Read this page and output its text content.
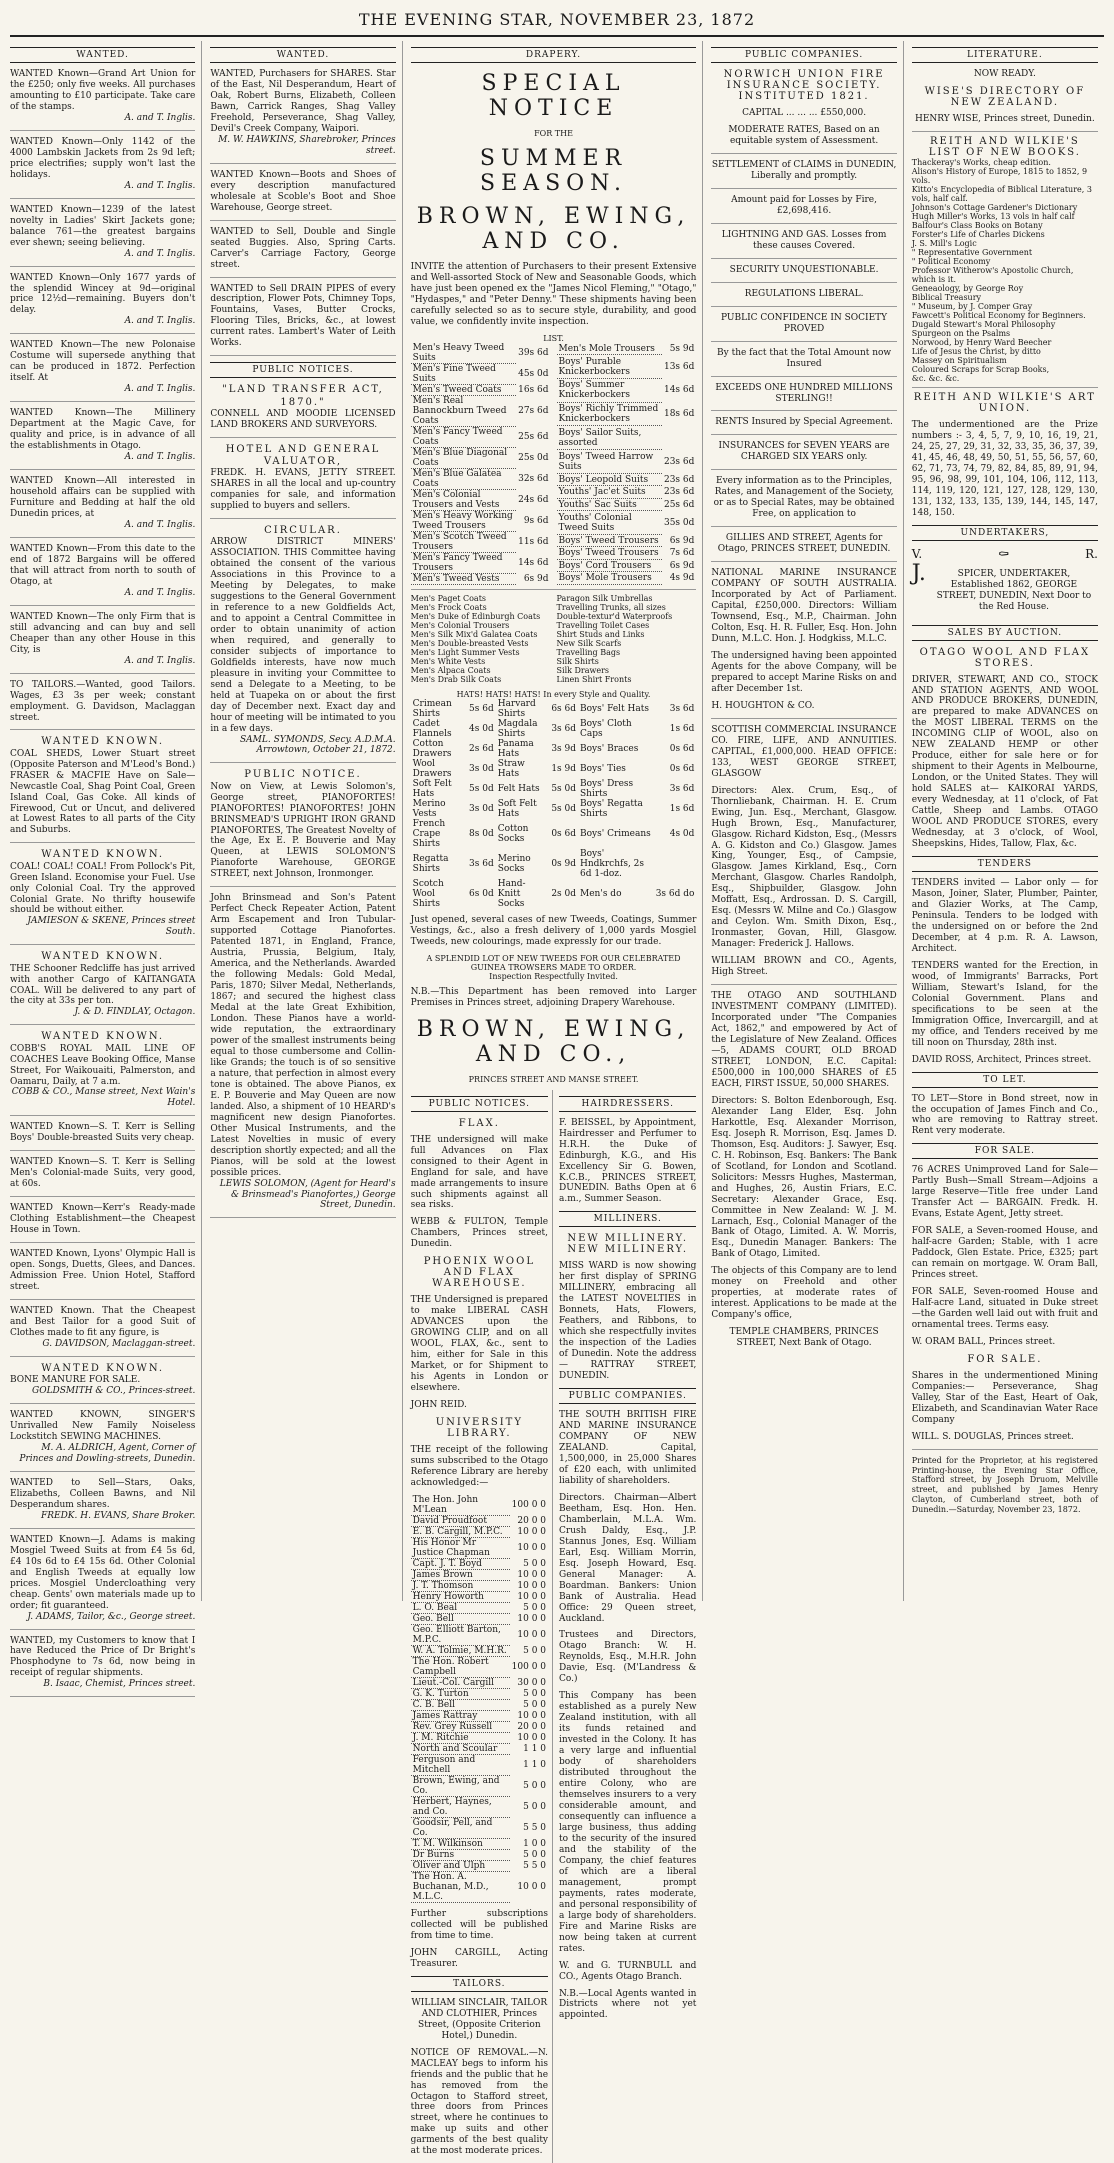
THE EVENING STAR, NOVEMBER 23, 1872
WANTED.
WANTED Known—Grand Art Union for the £250; only five weeks. All purchases amounting to £10 participate. Take care of the stamps.
A. and T. Inglis.
WANTED Known—Only 1142 of the 4000 Lambskin Jackets from 2s 9d left; price electrifies; supply won't last the holidays.
A. and T. Inglis.
WANTED Known—1239 of the latest novelty in Ladies' Skirt Jackets gone; balance 761—the greatest bargains ever shewn; seeing believing.
A. and T. Inglis.
WANTED Known—Only 1677 yards of the splendid Wincey at 9d—original price 12½d—remaining. Buyers don't delay.
A. and T. Inglis.
WANTED Known—The new Polonaise Costume will supersede anything that can be produced in 1872. Perfection itself. At
A. and T. Inglis.
WANTED Known—The Millinery Department at the Magic Cave, for quality and price, is in advance of all the establishments in Otago.
A. and T. Inglis.
WANTED Known—All interested in household affairs can be supplied with Furniture and Bedding at half the old Dunedin prices, at
A. and T. Inglis.
WANTED Known—From this date to the end of 1872 Bargains will be offered that will attract from north to south of Otago, at
A. and T. Inglis.
WANTED Known—The only Firm that is still advancing and can buy and sell Cheaper than any other House in this City, is
A. and T. Inglis.
TO TAILORS.—Wanted, good Tailors. Wages, £3 3s per week; constant employment. G. Davidson, Maclaggan street.
WANTED KNOWN.
COAL SHEDS, Lower Stuart street (Opposite Paterson and M'Leod's Bond.) FRASER & MACFIE Have on Sale— Newcastle Coal, Shag Point Coal, Green Island Coal, Gas Coke. All kinds of Firewood, Cut or Uncut, and delivered at Lowest Rates to all parts of the City and Suburbs.
WANTED KNOWN.
COAL! COAL! COAL! From Pollock's Pit, Green Island. Economise your Fuel. Use only Colonial Coal. Try the approved Colonial Grate. No thrifty housewife should be without either.
JAMIESON & SKENE, Princes street South.
WANTED KNOWN.
THE Schooner Redcliffe has just arrived with another Cargo of KAITANGATA COAL. Will be delivered to any part of the city at 33s per ton.
J. & D. FINDLAY, Octagon.
WANTED KNOWN.
COBB'S ROYAL MAIL LINE OF COACHES Leave Booking Office, Manse Street, For Waikouaiti, Palmerston, and Oamaru, Daily, at 7 a.m.
COBB & CO., Manse street, Next Wain's Hotel.
WANTED Known—S. T. Kerr is Selling Boys' Double-breasted Suits very cheap.
WANTED Known—S. T. Kerr is Selling Men's Colonial-made Suits, very good, at 60s.
WANTED Known—Kerr's Ready-made Clothing Establishment—the Cheapest House in Town.
WANTED Known, Lyons' Olympic Hall is open. Songs, Duetts, Glees, and Dances. Admission Free. Union Hotel, Stafford street.
WANTED Known. That the Cheapest and Best Tailor for a good Suit of Clothes made to fit any figure, is
G. DAVIDSON, Maclaggan-street.
WANTED KNOWN.
BONE MANURE FOR SALE.
GOLDSMITH & CO., Princes-street.
WANTED KNOWN, SINGER'S Unrivalled New Family Noiseless Lockstitch SEWING MACHINES.
M. A. ALDRICH, Agent, Corner of Princes and Dowling-streets, Dunedin.
WANTED to Sell—Stars, Oaks, Elizabeths, Colleen Bawns, and Nil Desperandum shares.
FREDK. H. EVANS, Share Broker.
WANTED Known—J. Adams is making Mosgiel Tweed Suits at from £4 5s 6d, £4 10s 6d to £4 15s 6d. Other Colonial and English Tweeds at equally low prices. Mosgiel Undercloathing very cheap. Gents' own materials made up to order; fit guaranteed.
J. ADAMS, Tailor, &c., George street.
WANTED, my Customers to know that I have Reduced the Price of Dr Bright's Phosphodyne to 7s 6d, now being in receipt of regular shipments.
B. Isaac, Chemist, Princes street.
WANTED.
WANTED, Purchasers for SHARES. Star of the East, Nil Desperandum, Heart of Oak, Robert Burns, Elizabeth, Colleen Bawn, Carrick Ranges, Shag Valley Freehold, Perseverance, Shag Valley, Devil's Creek Company, Waipori.
M. W. HAWKINS, Sharebroker, Princes street.
WANTED Known—Boots and Shoes of every description manufactured wholesale at Scoble's Boot and Shoe Warehouse, George street.
WANTED to Sell, Double and Single seated Buggies. Also, Spring Carts. Carver's Carriage Factory, George street.
WANTED to Sell DRAIN PIPES of every description, Flower Pots, Chimney Tops, Fountains, Vases, Butter Crocks, Flooring Tiles, Bricks, &c., at lowest current rates. Lambert's Water of Leith Works.
PUBLIC NOTICES.
"LAND TRANSFER ACT, 1870."
CONNELL AND MOODIE LICENSED LAND BROKERS AND SURVEYORS.
HOTEL AND GENERAL VALUATOR,
FREDK. H. EVANS, JETTY STREET. SHARES in all the local and up-country companies for sale, and information supplied to buyers and sellers.
CIRCULAR.
ARROW DISTRICT MINERS' ASSOCIATION. THIS Committee having obtained the consent of the various Associations in this Province to a Meeting by Delegates, to make suggestions to the General Government in reference to a new Goldfields Act, and to appoint a Central Committee in order to obtain unanimity of action when required, and generally to consider subjects of importance to Goldfields interests, have now much pleasure in inviting your Committee to send a Delegate to a Meeting, to be held at Tuapeka on or about the first day of December next. Exact day and hour of meeting will be intimated to you in a few days.
SAML. SYMONDS, Secy. A.D.M.A. Arrowtown, October 21, 1872.
PUBLIC NOTICE.
Now on View, at Lewis Solomon's, George street, PIANOFORTES! PIANOFORTES! PIANOFORTES! JOHN BRINSMEAD'S UPRIGHT IRON GRAND PIANOFORTES, The Greatest Novelty of the Age, Ex E. P. Bouverie and May Queen, at LEWIS SOLOMON'S Pianoforte Warehouse, GEORGE STREET, next Johnson, Ironmonger.
John Brinsmead and Son's Patent Perfect Check Repeater Action, Patent Arm Escapement and Iron Tubular-supported Cottage Pianofortes. Patented 1871, in England, France, Austria, Prussia, Belgium, Italy, America, and the Netherlands. Awarded the following Medals: Gold Medal, Paris, 1870; Silver Medal, Netherlands, 1867; and secured the highest class Medal at the late Great Exhibition, London. These Pianos have a world-wide reputation, the extraordinary power of the smallest instruments being equal to those cumbersome and Collin-like Grands; the touch is of so sensitive a nature, that perfection in almost every tone is obtained. The above Pianos, ex E. P. Bouverie and May Queen are now landed. Also, a shipment of 10 HEARD's magnificent new design Pianofortes. Other Musical Instruments, and the Latest Novelties in music of every description shortly expected; and all the Pianos, will be sold at the lowest possible prices.
LEWIS SOLOMON, (Agent for Heard's & Brinsmead's Pianofortes,) George Street, Dunedin.
DRAPERY.
SPECIAL NOTICE
FOR THE
SUMMER SEASON.
BROWN, EWING, AND CO.
INVITE the attention of Purchasers to their present Extensive and Well-assorted Stock of New and Seasonable Goods, which have just been opened ex the "James Nicol Fleming," "Otago," "Hydaspes," and "Peter Denny." These shipments having been carefully selected so as to secure style, durability, and good value, we confidently invite inspection.
LIST.
Men's Heavy Tweed Suits	39s 6d
Men's Fine Tweed Suits	45s 0d
Men's Tweed Coats	16s 6d
Men's Real Bannockburn Tweed Coats	27s 6d
Men's Fancy Tweed Coats	25s 6d
Men's Blue Diagonal Coats	25s 0d
Men's Blue Galatea Coats	32s 6d
Men's Colonial Trousers and Vests	24s 6d
Men's Heavy Working Tweed Trousers	9s 6d
Men's Scotch Tweed Trousers	11s 6d
Men's Fancy Tweed Trousers	14s 6d
Men's Tweed Vests	6s 9d
Men's Mole Trousers	5s 9d
Boys' Purable Knickerbockers	13s 6d
Boys' Summer Knickerbockers	14s 6d
Boys' Richly Trimmed Knickerbockers	18s 6d
Boys' Sailor Suits, assorted	
Boys' Tweed Harrow Suits	23s 6d
Boys' Leopold Suits	23s 6d
Youths' Jac'et Suits	23s 6d
Youths' Sac Suits	25s 6d
Youths' Colonial Tweed Suits	35s 0d
Boys' Tweed Trousers	6s 9d
Boys' Tweed Trousers	7s 6d
Boys' Cord Trousers	6s 9d
Boys' Mole Trousers	4s 9d
Men's Paget Coats
Men's Frock Coats
Men's Duke of Edinburgh Coats
Men's Colonial Trousers
Men's Silk Mix'd Galatea Coats
Men's Double-breasted Vests
Men's Light Summer Vests
Men's White Vests
Men's Alpaca Coats
Men's Drab Silk Coats
Paragon Silk Umbrellas
Travelling Trunks, all sizes
Double-textur'd Waterproofs
Travelling Toilet Cases
Shirt Studs and Links
New Silk Scarfs
Travelling Bags
Silk Shirts
Silk Drawers
Linen Shirt Fronts
HATS! HATS! HATS! In every Style and Quality.
Crimean Shirts	5s 6d	Harvard Shirts	6s 6d	Boys' Felt Hats	3s 6d
Cadet Flannels	4s 0d	Magdala Shirts	3s 6d	Boys' Cloth Caps	1s 6d
Cotton Drawers	2s 6d	Panama Hats	3s 9d	Boys' Braces	0s 6d
Wool Drawers	3s 0d	Straw Hats	1s 9d	Boys' Ties	0s 6d
Soft Felt Hats	5s 0d	Felt Hats	5s 0d	Boys' Dress Shirts	3s 6d
Merino Vests	3s 0d	Soft Felt Hats	5s 0d	Boys' Regatta Shirts	1s 6d
French Crape Shirts	8s 0d	Cotton Socks	0s 6d	Boys' Crimeans	4s 0d
Regatta Shirts	3s 6d	Merino Socks	0s 9d	Boys' Hndkrchfs, 2s 6d 1-doz.	
Scotch Wool Shirts	6s 0d	Hand-Knitt Socks	2s 0d	Men's do	3s 6d do
Just opened, several cases of new Tweeds, Coatings, Summer Vestings, &c., also a fresh delivery of 1,000 yards Mosgiel Tweeds, new colourings, made expressly for our trade.
A SPLENDID LOT OF NEW TWEEDS FOR OUR CELEBRATED GUINEA TROWSERS MADE TO ORDER.
Inspection Respectfully Invited.
N.B.—This Department has been removed into Larger Premises in Princes street, adjoining Drapery Warehouse.
BROWN, EWING, AND CO.,
PRINCES STREET AND MANSE STREET.
PUBLIC NOTICES.
FLAX.
THE undersigned will make full Advances on Flax consigned to their Agent in England for sale, and have made arrangements to insure such shipments against all sea risks.
WEBB & FULTON, Temple Chambers, Princes street, Dunedin.
PHOENIX WOOL AND FLAX WAREHOUSE.
THE Undersigned is prepared to make LIBERAL CASH ADVANCES upon the GROWING CLIP, and on all WOOL, FLAX, &c., sent to him, either for Sale in this Market, or for Shipment to his Agents in London or elsewhere.
JOHN REID.
UNIVERSITY LIBRARY.
THE receipt of the following sums subscribed to the Otago Reference Library are hereby acknowledged:—
The Hon. John M'Lean	100 0 0
David Proudfoot	20 0 0
E. B. Cargill, M.P.C.	10 0 0
His Honor Mr Justice Chapman	10 0 0
Capt. J. T. Boyd	5 0 0
James Brown	10 0 0
J. T. Thomson	10 0 0
Henry Howorth	10 0 0
L. O. Beal	5 0 0
Geo. Bell	10 0 0
Geo. Elliott Barton, M.P.C.	10 0 0
W. A. Tolmie, M.H.R.	5 0 0
The Hon. Robert Campbell	100 0 0
Lieut.-Col. Cargill	30 0 0
G. K. Turton	5 0 0
C. B. Bell	5 0 0
James Rattray	10 0 0
Rev. Grey Russell	20 0 0
J. M. Ritchie	10 0 0
North and Scoular	1 1 0
Ferguson and Mitchell	1 1 0
Brown, Ewing, and Co.	5 0 0
Herbert, Haynes, and Co.	5 0 0
Goodsir, Pell, and Co.	5 5 0
T. M. Wilkinson	1 0 0
Dr Burns	5 0 0
Oliver and Ulph	5 5 0
The Hon. A. Buchanan, M.D., M.L.C.	10 0 0
Further subscriptions collected will be published from time to time.
JOHN CARGILL, Acting Treasurer.
TAILORS.
WILLIAM SINCLAIR, TAILOR AND CLOTHIER, Princes Street, (Opposite Criterion Hotel,) Dunedin.
NOTICE OF REMOVAL.—N. MACLEAY begs to inform his friends and the public that he has removed from the Octagon to Stafford street, three doors from Princes street, where he continues to make up suits and other garments of the best quality at the most moderate prices.
HAIRDRESSERS.
F. BEISSEL, by Appointment, Hairdresser and Perfumer to H.R.H. the Duke of Edinburgh, K.G., and His Excellency Sir G. Bowen, K.C.B., PRINCES STREET, DUNEDIN. Baths Open at 6 a.m., Summer Season.
MILLINERS.
NEW MILLINERY. NEW MILLINERY.
MISS WARD is now showing her first display of SPRING MILLINERY, embracing all the LATEST NOVELTIES in Bonnets, Hats, Flowers, Feathers, and Ribbons, to which she respectfully invites the inspection of the Ladies of Dunedin. Note the address— RATTRAY STREET, DUNEDIN.
PUBLIC COMPANIES.
THE SOUTH BRITISH FIRE AND MARINE INSURANCE COMPANY OF NEW ZEALAND. Capital, 1,500,000, in 25,000 Shares of £20 each, with unlimited liability of shareholders.
Directors. Chairman—Albert Beetham, Esq. Hon. Hen. Chamberlain, M.L.A. Wm. Crush Daldy, Esq., J.P. Stannus Jones, Esq. William Earl, Esq. William Morrin, Esq. Joseph Howard, Esq. General Manager: A. Boardman. Bankers: Union Bank of Australia. Head Office: 29 Queen street, Auckland.
Trustees and Directors, Otago Branch: W. H. Reynolds, Esq., M.H.R. John Davie, Esq. (M'Landress & Co.)
This Company has been established as a purely New Zealand institution, with all its funds retained and invested in the Colony. It has a very large and influential body of shareholders distributed throughout the entire Colony, who are themselves insurers to a very considerable amount, and consequently can influence a large business, thus adding to the security of the insured and the stability of the Company, the chief features of which are a liberal management, prompt payments, rates moderate, and personal responsibility of a large body of shareholders. Fire and Marine Risks are now being taken at current rates.
W. and G. TURNBULL and CO., Agents Otago Branch.
N.B.—Local Agents wanted in Districts where not yet appointed.
PUBLIC COMPANIES.
NORWICH UNION FIRE INSURANCE SOCIETY. INSTITUTED 1821.
CAPITAL ... ... ... £550,000.
MODERATE RATES, Based on an equitable system of Assessment.
SETTLEMENT of CLAIMS in DUNEDIN, Liberally and promptly.
Amount paid for Losses by Fire, £2,698,416.
LIGHTNING AND GAS. Losses from these causes Covered.
SECURITY UNQUESTIONABLE.
REGULATIONS LIBERAL.
PUBLIC CONFIDENCE IN SOCIETY PROVED
By the fact that the Total Amount now Insured
EXCEEDS ONE HUNDRED MILLIONS STERLING!!
RENTS Insured by Special Agreement.
INSURANCES for SEVEN YEARS are CHARGED SIX YEARS only.
Every information as to the Principles, Rates, and Management of the Society, or as to Special Rates, may be obtained Free, on application to
GILLIES AND STREET, Agents for Otago, PRINCES STREET, DUNEDIN.
NATIONAL MARINE INSURANCE COMPANY OF SOUTH AUSTRALIA. Incorporated by Act of Parliament. Capital, £250,000. Directors: William Townsend, Esq., M.P., Chairman. John Colton, Esq. H. R. Fuller, Esq. Hon. John Dunn, M.L.C. Hon. J. Hodgkiss, M.L.C.
The undersigned having been appointed Agents for the above Company, will be prepared to accept Marine Risks on and after December 1st.
H. HOUGHTON & CO.
SCOTTISH COMMERCIAL INSURANCE CO. FIRE, LIFE, AND ANNUITIES. CAPITAL, £1,000,000. HEAD OFFICE: 133, WEST GEORGE STREET, GLASGOW
Directors: Alex. Crum, Esq., of Thornliebank, Chairman. H. E. Crum Ewing, Jun. Esq., Merchant, Glasgow. Hugh Brown, Esq., Manufacturer, Glasgow. Richard Kidston, Esq., (Messrs A. G. Kidston and Co.) Glasgow. James King, Younger, Esq., of Campsie, Glasgow. James Kirkland, Esq., Corn Merchant, Glasgow. Charles Randolph, Esq., Shipbuilder, Glasgow. John Moffatt, Esq., Ardrossan. D. S. Cargill, Esq. (Messrs W. Milne and Co.) Glasgow and Ceylon. Wm. Smith Dixon, Esq., Ironmaster, Govan, Hill, Glasgow. Manager: Frederick J. Hallows.
WILLIAM BROWN and CO., Agents, High Street.
THE OTAGO AND SOUTHLAND INVESTMENT COMPANY (LIMITED). Incorporated under "The Companies Act, 1862," and empowered by Act of the Legislature of New Zealand. Offices—5, ADAMS COURT, OLD BROAD STREET, LONDON, E.C. Capital: £500,000 in 100,000 SHARES of £5 EACH, FIRST ISSUE, 50,000 SHARES.
Directors: S. Bolton Edenborough, Esq. Alexander Lang Elder, Esq. John Harkottle, Esq. Alexander Morrison, Esq. Joseph R. Morrison, Esq. James D. Thomson, Esq. Auditors: J. Sawyer, Esq. C. H. Robinson, Esq. Bankers: The Bank of Scotland, for London and Scotland. Solicitors: Messrs Hughes, Masterman, and Hughes, 26, Austin Friars, E.C. Secretary: Alexander Grace, Esq. Committee in New Zealand: W. J. M. Larnach, Esq., Colonial Manager of the Bank of Otago, Limited. A. W. Morris, Esq., Dunedin Manager. Bankers: The Bank of Otago, Limited.
The objects of this Company are to lend money on Freehold and other properties, at moderate rates of interest. Applications to be made at the Company's office,
TEMPLE CHAMBERS, PRINCES STREET, Next Bank of Otago.
LITERATURE.
NOW READY.
WISE'S DIRECTORY OF NEW ZEALAND.
HENRY WISE, Princes street, Dunedin.
REITH AND WILKIE'S LIST OF NEW BOOKS.
Thackeray's Works, cheap edition.
Alison's History of Europe, 1815 to 1852, 9 vols.
Kitto's Encyclopedia of Biblical Literature, 3 vols, half calf.
Johnson's Cottage Gardener's Dictionary
Hugh Miller's Works, 13 vols in half calf
Balfour's Class Books on Botany
Forster's Life of Charles Dickens
J. S. Mill's Logic
" Representative Government
" Political Economy
Professor Witherow's Apostolic Church, which is it.
Geneaology, by George Roy
Biblical Treasury
" Museum, by J. Comper Gray
Fawcett's Political Economy for Beginners.
Dugald Stewart's Moral Philosophy
Spurgeon on the Psalms
Norwood, by Henry Ward Beecher
Life of Jesus the Christ, by ditto
Massey on Spiritualism
Coloured Scraps for Scrap Books,
&c. &c. &c.
REITH AND WILKIE'S ART UNION.
The undermentioned are the Prize numbers :- 3, 4, 5, 7, 9, 10, 16, 19, 21, 24, 25, 27, 29, 31, 32, 33, 35, 36, 37, 39, 41, 45, 46, 48, 49, 50, 51, 55, 56, 57, 60, 62, 71, 73, 74, 79, 82, 84, 85, 89, 91, 94, 95, 96, 98, 99, 101, 104, 106, 112, 113, 114, 119, 120, 121, 127, 128, 129, 130, 131, 132, 133, 135, 139, 144, 145, 147, 148, 150.
UNDERTAKERS,
V.	⚰	R.
J.	SPICER, UNDERTAKER, Established 1862, GEORGE STREET, DUNEDIN, Next Door to the Red House.
SALES BY AUCTION.
OTAGO WOOL AND FLAX STORES.
DRIVER, STEWART, AND CO., STOCK AND STATION AGENTS, AND WOOL AND PRODUCE BROKERS, DUNEDIN, are prepared to make ADVANCES on the MOST LIBERAL TERMS on the INCOMING CLIP of WOOL, also on NEW ZEALAND HEMP or other Produce, either for sale here or for shipment to their Agents in Melbourne, London, or the United States. They will hold SALES at— KAIKORAI YARDS, every Wednesday, at 11 o'clock, of Fat Cattle, Sheep and Lambs. OTAGO WOOL AND PRODUCE STORES, every Wednesday, at 3 o'clock, of Wool, Sheepskins, Hides, Tallow, Flax, &c.
TENDERS
TENDERS invited — Labor only — for Mason, Joiner, Slater, Plumber, Painter, and Glazier Works, at The Camp, Peninsula. Tenders to be lodged with the undersigned on or before the 2nd December, at 4 p.m. R. A. Lawson, Architect.
TENDERS wanted for the Erection, in wood, of Immigrants' Barracks, Port William, Stewart's Island, for the Colonial Government. Plans and specifications to be seen at the Immigration Office, Invercargill, and at my office, and Tenders received by me till noon on Thursday, 28th inst.
DAVID ROSS, Architect, Princes street.
TO LET.
TO LET—Store in Bond street, now in the occupation of James Finch and Co., who are removing to Rattray street. Rent very moderate.
FOR SALE.
76 ACRES Unimproved Land for Sale—Partly Bush—Small Stream—Adjoins a large Reserve—Title free under Land Transfer Act — BARGAIN. Fredk. H. Evans, Estate Agent, Jetty street.
FOR SALE, a Seven-roomed House, and half-acre Garden; Stable, with 1 acre Paddock, Glen Estate. Price, £325; part can remain on mortgage. W. Oram Ball, Princes street.
FOR SALE, Seven-roomed House and Half-acre Land, situated in Duke street—the Garden well laid out with fruit and ornamental trees. Terms easy.
W. ORAM BALL, Princes street.
FOR SALE.
Shares in the undermentioned Mining Companies:— Perseverance, Shag Valley, Star of the East, Heart of Oak, Elizabeth, and Scandinavian Water Race Company
WILL. S. DOUGLAS, Princes street.
Printed for the Proprietor, at his registered Printing-house, the Evening Star Office, Stafford street, by Joseph Druom, Melville street, and published by James Henry Clayton, of Cumberland street, both of Dunedin.—Saturday, November 23, 1872.
